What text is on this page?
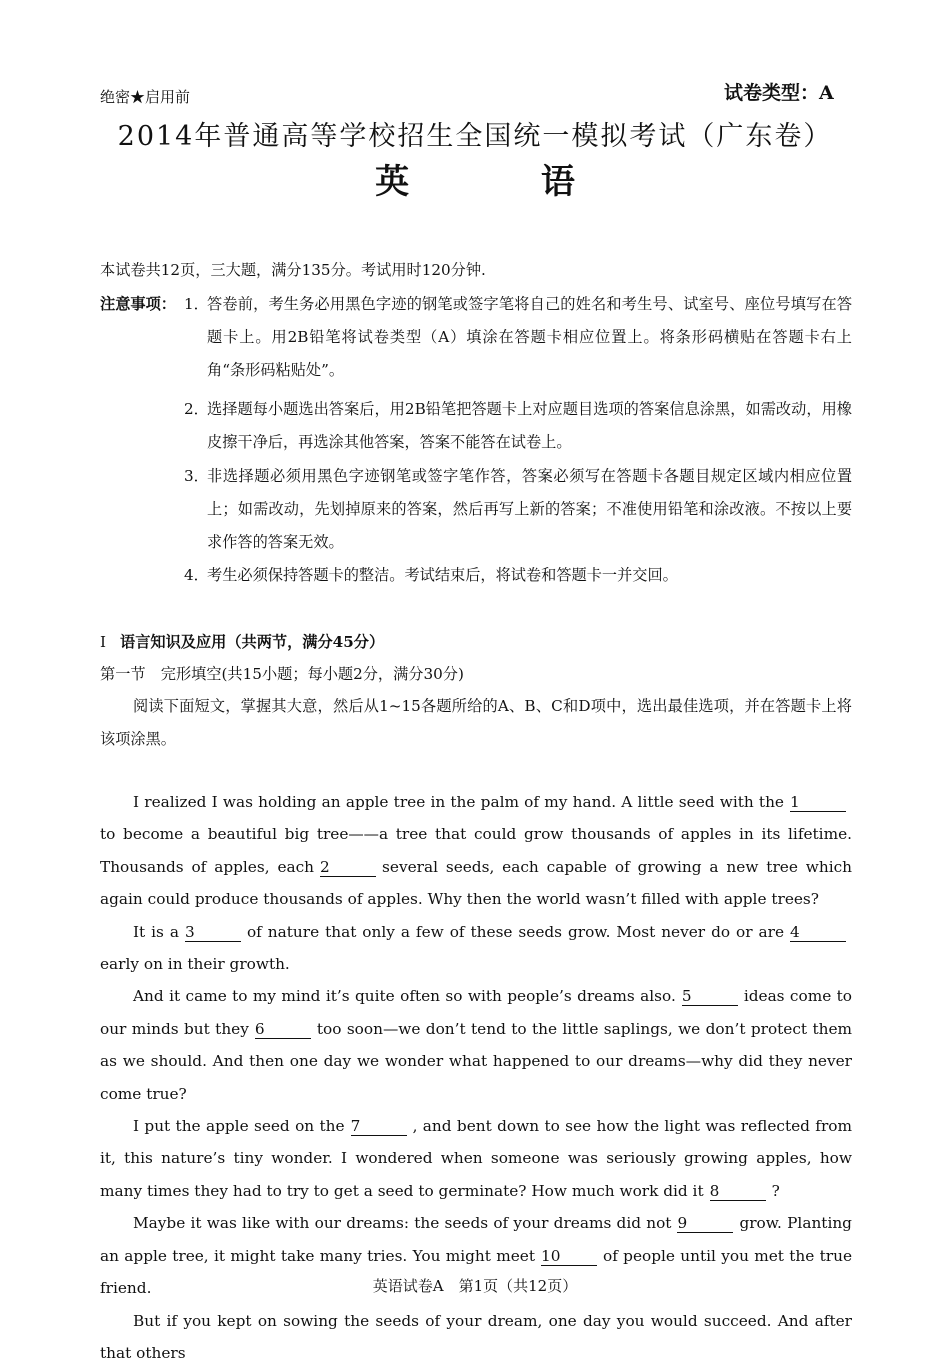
绝密★启用前	试卷类型：A
2014年普通高等学校招生全国统一模拟考试（广东卷）
英 语
本试卷共12页，三大题，满分135分。考试用时120分钟.
注意事项： 1．
答卷前，考生务必用黑色字迹的钢笔或签字笔将自己的姓名和考生号、试室号、座位号填写在答题卡上。用2B铅笔将试卷类型（A）填涂在答题卡相应位置上。将条形码横贴在答题卡右上角“条形码粘贴处”。
2．
选择题每小题选出答案后，用2B铅笔把答题卡上对应题目选项的答案信息涂黑，如需改动，用橡皮擦干净后，再选涂其他答案，答案不能答在试卷上。
3．
非选择题必须用黑色字迹钢笔或签字笔作答，答案必须写在答题卡各题目规定区域内相应位置上；如需改动，先划掉原来的答案，然后再写上新的答案；不准使用铅笔和涂改液。不按以上要求作答的答案无效。
4．
考生必须保持答题卡的整洁。考试结束后，将试卷和答题卡一并交回。
Ⅰ 语言知识及应用（共两节，满分45分）
第一节　完形填空(共15小题；每小题2分，满分30分)
阅读下面短文，掌握其大意，然后从1~15各题所给的A、B、C和D项中，选出最佳选项，并在答题卡上将该项涂黑。

I realized I was holding an apple tree in the palm of my hand. A little seed with the 1to become a beautiful big tree——a tree that could grow thousands of apples in its lifetime. Thousands of apples, each 2	several seeds, each capable of growing a new tree which again could produce thousands of apples. Why then the world wasn’t filled with apple trees?

It is a 3	of nature that only a few of these seeds grow. Most never do or are 4early on in their growth.

And it came to my mind it’s quite often so with people’s dreams also. 5	ideas come to our minds but they 6	too soon—we don’t tend to the little saplings, we don’t protect them as we should. And then one day we wonder what happened to our dreams—why did they never come true?

I put the apple seed on the 7	, and bent down to see how the light was reflected from it, this nature’s tiny wonder. I wondered when someone was seriously growing apples, how many times they had to try to get a seed to germinate? How much work did it 8	?

Maybe it was like with our dreams: the seeds of your dreams did not 9	grow. Planting an apple tree, it might take many tries. You might meet 10	of people until you met the true friend.

But if you kept on sowing the seeds of your dream, one day you would succeed. And after that others

英语试卷A　第1页（共12页）
